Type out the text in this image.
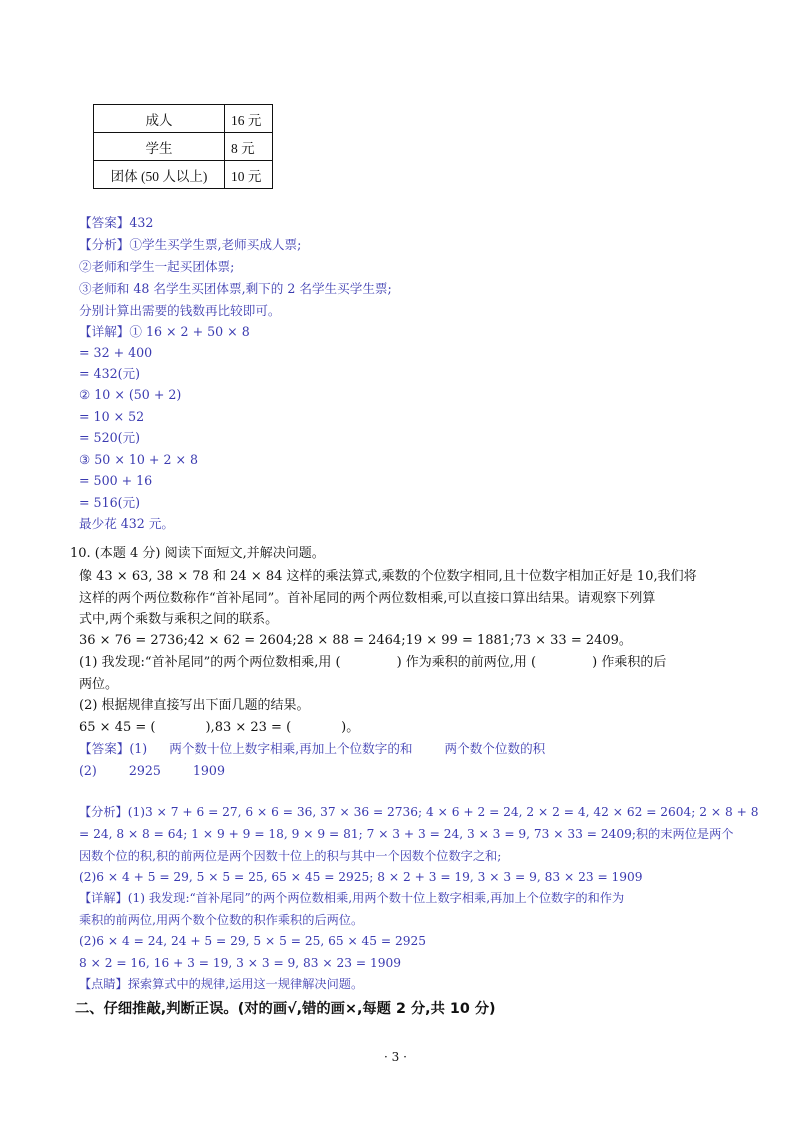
成人	16 元
学生	8 元
团体 (50 人以上)	10 元
【答案】432
【分析】①学生买学生票,老师买成人票;
②老师和学生一起买团体票;
③老师和 48 名学生买团体票,剩下的 2 名学生买学生票;
分别计算出需要的钱数再比较即可。
【详解】① 16 × 2 + 50 × 8
= 32 + 400
= 432(元)
② 10 × (50 + 2)
= 10 × 52
= 520(元)
③ 50 × 10 + 2 × 8
= 500 + 16
= 516(元)
最少花 432 元。
10. (本题 4 分) 阅读下面短文,并解决问题。
像 43 × 63, 38 × 78 和 24 × 84 这样的乘法算式,乘数的个位数字相同,且十位数字相加正好是 10,我们将
这样的两个两位数称作“首补尾同”。首补尾同的两个两位数相乘,可以直接口算出结果。请观察下列算
式中,两个乘数与乘积之间的联系。
36 × 76 = 2736;42 × 62 = 2604;28 × 88 = 2464;19 × 99 = 1881;73 × 33 = 2409。
(1) 我发现:“首补尾同”的两个两位数相乘,用 (	) 作为乘积的前两位,用 (	) 作乘积的后
两位。
(2) 根据规律直接写出下面几题的结果。
65 × 45 = (	),83 × 23 = (	)。
【答案】(1) 两个数十位上数字相乘,再加上个位数字的和	两个数个位数的积
(2)	2925	1909
【分析】(1)3 × 7 + 6 = 27, 6 × 6 = 36, 37 × 36 = 2736; 4 × 6 + 2 = 24, 2 × 2 = 4, 42 × 62 = 2604; 2 × 8 + 8
= 24, 8 × 8 = 64; 1 × 9 + 9 = 18, 9 × 9 = 81; 7 × 3 + 3 = 24, 3 × 3 = 9, 73 × 33 = 2409;积的末两位是两个
因数个位的积,积的前两位是两个因数十位上的积与其中一个因数个位数字之和;
(2)6 × 4 + 5 = 29, 5 × 5 = 25, 65 × 45 = 2925; 8 × 2 + 3 = 19, 3 × 3 = 9, 83 × 23 = 1909
【详解】(1) 我发现:“首补尾同”的两个两位数相乘,用两个数十位上数字相乘,再加上个位数字的和作为
乘积的前两位,用两个数个位数的积作乘积的后两位。
(2)6 × 4 = 24, 24 + 5 = 29, 5 × 5 = 25, 65 × 45 = 2925
8 × 2 = 16, 16 + 3 = 19, 3 × 3 = 9, 83 × 23 = 1909
【点睛】探索算式中的规律,运用这一规律解决问题。
二、仔细推敲,判断正误。(对的画√,错的画×,每题 2 分,共 10 分)
· 3 ·
